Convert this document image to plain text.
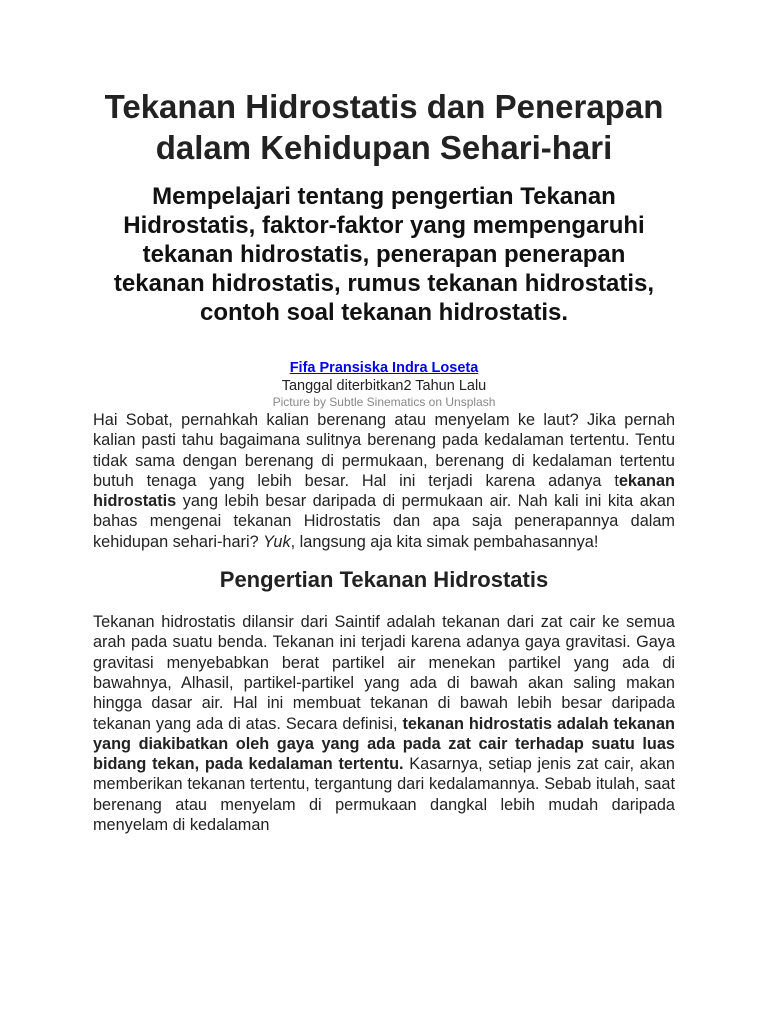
Tekanan Hidrostatis dan Penerapan dalam Kehidupan Sehari-hari
Mempelajari tentang pengertian Tekanan Hidrostatis, faktor-faktor yang mempengaruhi tekanan hidrostatis, penerapan penerapan tekanan hidrostatis, rumus tekanan hidrostatis, contoh soal tekanan hidrostatis.
Fifa Pransiska Indra Loseta
Tanggal diterbitkan2 Tahun Lalu
Picture by Subtle Sinematics on Unsplash

Hai Sobat, pernahkah kalian berenang atau menyelam ke laut? Jika pernah kalian pasti tahu bagaimana sulitnya berenang pada kedalaman tertentu. Tentu tidak sama dengan berenang di permukaan, berenang di kedalaman tertentu butuh tenaga yang lebih besar. Hal ini terjadi karena adanya tekanan hidrostatis yang lebih besar daripada di permukaan air. Nah kali ini kita akan bahas mengenai tekanan Hidrostatis dan apa saja penerapannya dalam kehidupan sehari-hari? Yuk, langsung aja kita simak pembahasannya!

Pengertian Tekanan Hidrostatis

Tekanan hidrostatis dilansir dari Saintif adalah tekanan dari zat cair ke semua arah pada suatu benda. Tekanan ini terjadi karena adanya gaya gravitasi. Gaya gravitasi menyebabkan berat partikel air menekan partikel yang ada di bawahnya, Alhasil, partikel-partikel yang ada di bawah akan saling makan hingga dasar air. Hal ini membuat tekanan di bawah lebih besar daripada tekanan yang ada di atas. Secara definisi, tekanan hidrostatis adalah tekanan yang diakibatkan oleh gaya yang ada pada zat cair terhadap suatu luas bidang tekan, pada kedalaman tertentu. Kasarnya, setiap jenis zat cair, akan memberikan tekanan tertentu, tergantung dari kedalamannya. Sebab itulah, saat berenang atau menyelam di permukaan dangkal lebih mudah daripada menyelam di kedalaman
